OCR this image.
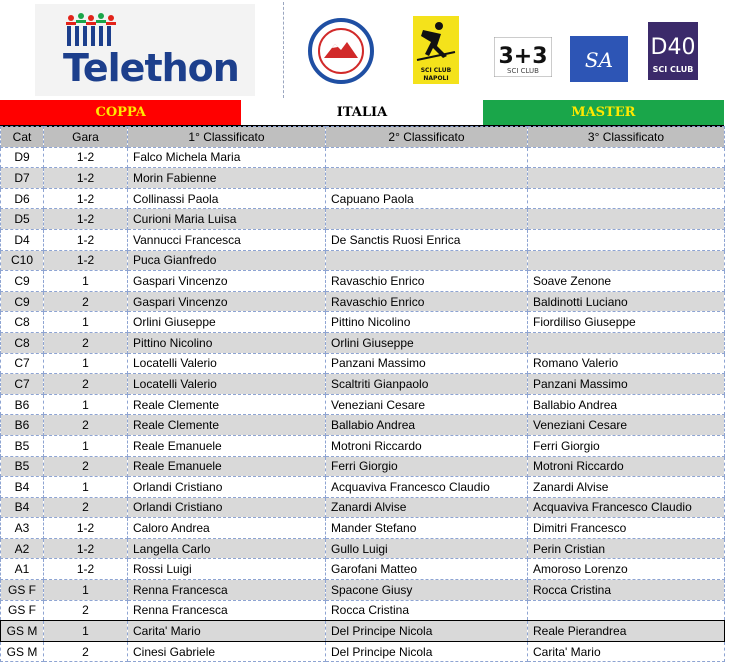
Telethon	SCI CLUB
NAPOLI
3+3
SCI CLUB SA D40
SCI CLUB
COPPA	ITALIA	MASTER
Cat	Gara	1° Classificato	2° Classificato	3° Classificato
D9	1-2	Falco Michela Maria		
D7	1-2	Morin Fabienne		
D6	1-2	Collinassi Paola	Capuano Paola	
D5	1-2	Curioni Maria Luisa		
D4	1-2	Vannucci Francesca	De Sanctis Ruosi Enrica	
C10	1-2	Puca Gianfredo		
C9	1	Gaspari Vincenzo	Ravaschio Enrico	Soave Zenone
C9	2	Gaspari Vincenzo	Ravaschio Enrico	Baldinotti Luciano
C8	1	Orlini Giuseppe	Pittino Nicolino	Fiordiliso Giuseppe
C8	2	Pittino Nicolino	Orlini Giuseppe	
C7	1	Locatelli Valerio	Panzani Massimo	Romano Valerio
C7	2	Locatelli Valerio	Scaltriti Gianpaolo	Panzani Massimo
B6	1	Reale Clemente	Veneziani Cesare	Ballabio Andrea
B6	2	Reale Clemente	Ballabio Andrea	Veneziani Cesare
B5	1	Reale Emanuele	Motroni Riccardo	Ferri Giorgio
B5	2	Reale Emanuele	Ferri Giorgio	Motroni Riccardo
B4	1	Orlandi Cristiano	Acquaviva Francesco Claudio	Zanardi Alvise
B4	2	Orlandi Cristiano	Zanardi Alvise	Acquaviva Francesco Claudio
A3	1-2	Caloro Andrea	Mander Stefano	Dimitri Francesco
A2	1-2	Langella Carlo	Gullo Luigi	Perin Cristian
A1	1-2	Rossi Luigi	Garofani Matteo	Amoroso Lorenzo
GS F	1	Renna Francesca	Spacone Giusy	Rocca Cristina
GS F	2	Renna Francesca	Rocca Cristina	
GS M	1	Carita' Mario	Del Principe Nicola	Reale Pierandrea
GS M	2	Cinesi Gabriele	Del Principe Nicola	Carita' Mario
